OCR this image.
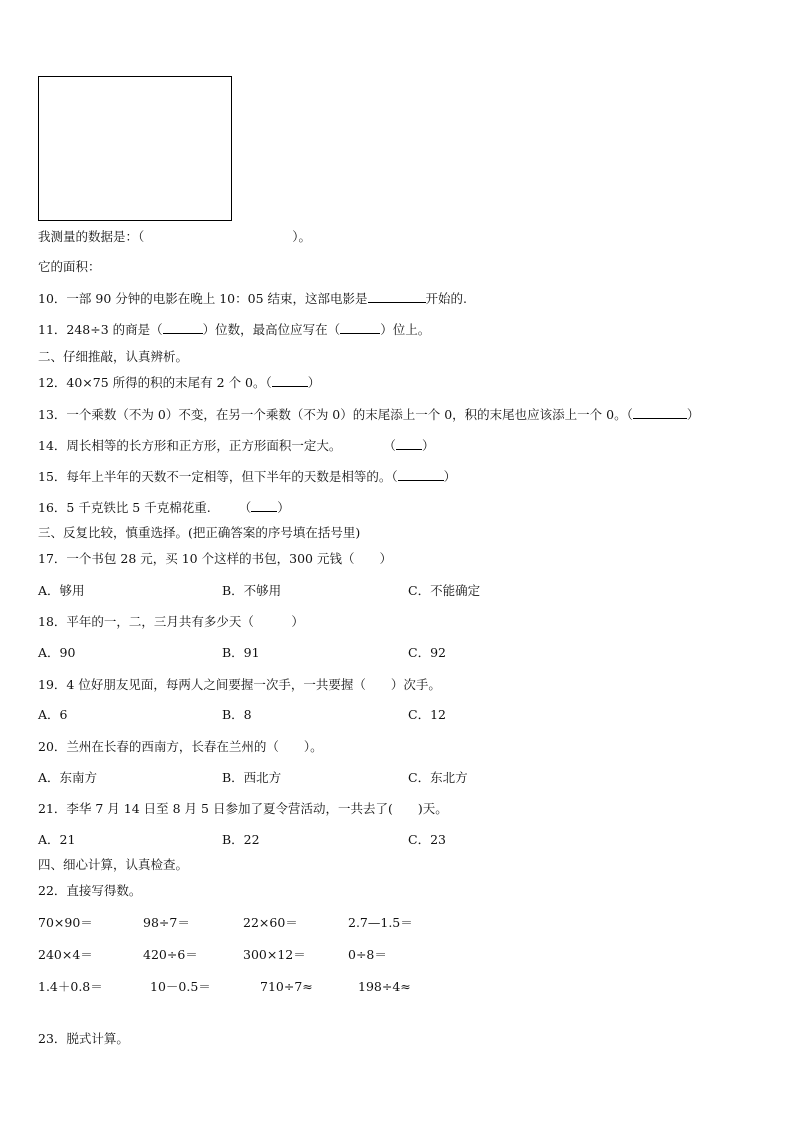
我测量的数据是：（	）。
它的面积：
10．一部 90 分钟的电影在晚上 10：05 结束，这部电影是	开始的.
11．248÷3 的商是（	）位数，最高位应写在（	）位上。
二、仔细推敲，认真辨析。
12．40×75 所得的积的末尾有 2 个 0。（	）
13．一个乘数（不为 0）不变，在另一个乘数（不为 0）的末尾添上一个 0，积的末尾也应该添上一个 0。（	）
14．周长相等的长方形和正方形，正方形面积一定大。	（ ）
15．每年上半年的天数不一定相等，但下半年的天数是相等的。（	）
16．5 千克铁比 5 千克棉花重. （ ）
三、反复比较，慎重选择。(把正确答案的序号填在括号里)
17．一个书包 28 元，买 10 个这样的书包，300 元钱（　　）
A．够用	B．不够用	C．不能确定
18．平年的一，二，三月共有多少天（　　　）
A．90	B．91	C．92
19．4 位好朋友见面，每两人之间要握一次手，一共要握（　　）次手。
A．6	B．8	C．12
20．兰州在长春的西南方，长春在兰州的（　　）。
A．东南方	B．西北方	C．东北方
21．李华 7 月 14 日至 8 月 5 日参加了夏令营活动，一共去了(　　)天。
A．21	B．22	C．23
四、细心计算，认真检查。
22．直接写得数。
70×90＝	98÷7＝	22×60＝	2.7—1.5＝
240×4＝	420÷6＝	300×12＝	0÷8＝
1.4＋0.8＝	10－0.5＝	710÷7≈	198÷4≈
23．脱式计算。
